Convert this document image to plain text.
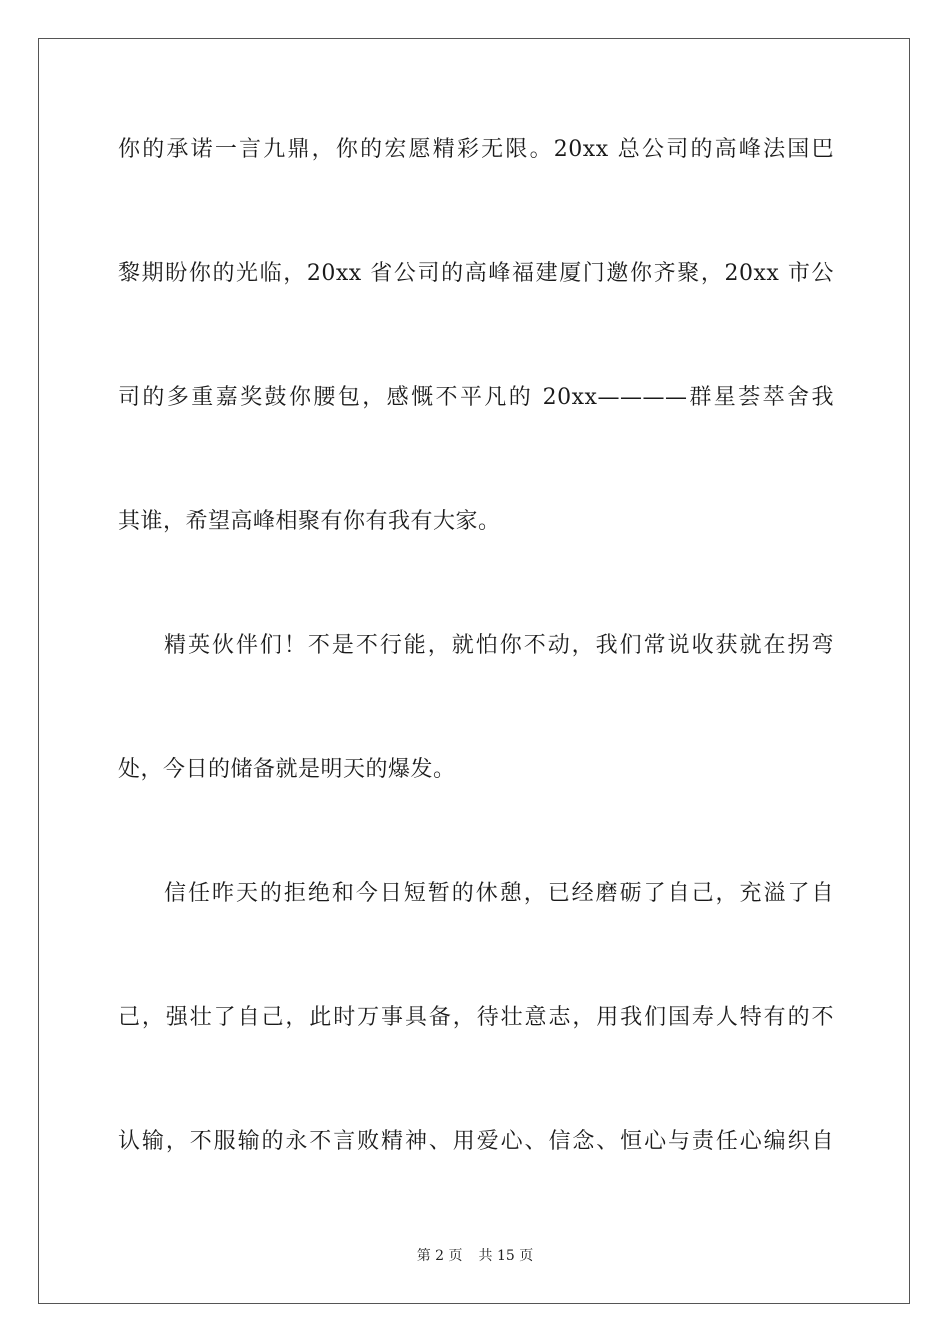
你的承诺一言九鼎，你的宏愿精彩无限。20xx 总公司的高峰法国巴
黎期盼你的光临，20xx 省公司的高峰福建厦门邀你齐聚，20xx 市公
司的多重嘉奖鼓你腰包，感慨不平凡的 20xx————群星荟萃舍我
其谁，希望高峰相聚有你有我有大家。
精英伙伴们！不是不行能，就怕你不动，我们常说收获就在拐弯
处，今日的储备就是明天的爆发。
信任昨天的拒绝和今日短暂的休憩，已经磨砺了自己，充溢了自
己，强壮了自己，此时万事具备，待壮意志，用我们国寿人特有的不
认输，不服输的永不言败精神、用爱心、信念、恒心与责任心编织自
第 2 页 共 15 页
